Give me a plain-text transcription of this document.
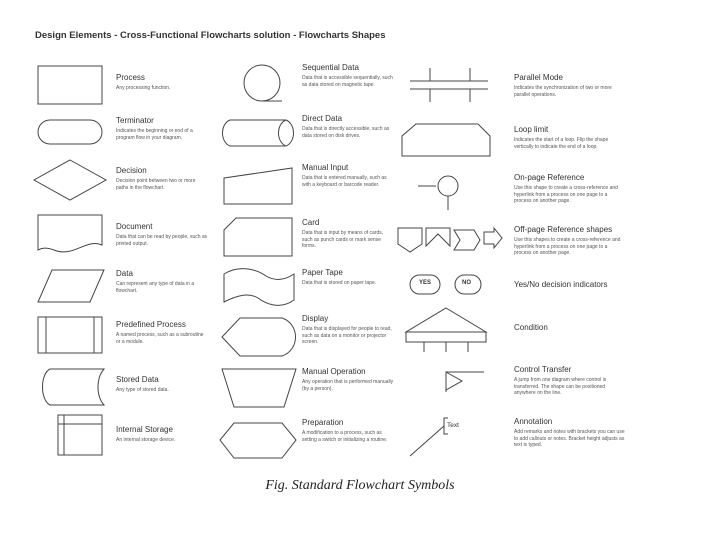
Design Elements - Cross-Functional Flowcharts solution - Flowcharts Shapes
YES	NO
Text
Process
Any processing function.
Terminator
Indicates the beginning or end of a program flow in your diagram.
Decision
Decision point between two or more paths in the flowchart.
Document
Data that can be read by people, such as printed output.
Data
Can represent any type of data in a flowchart.
Predefined Process
A named process, such as a subroutine or a module.
Stored Data
Any type of stored data.
Internal Storage
An internal storage device.
Sequential Data
Data that is accessible sequentially, such as data stored on magnetic tape.
Direct Data
Data that is directly accessible, such as data stored on disk drives.
Manual Input
Data that is entered manually, such as with a keyboard or barcode reader.
Card
Data that is input by means of cards, such as punch cards or mark sense forms.
Paper Tape
Data that is stored on paper tape.
Display
Data that is displayed for people to read, such as data on a monitor or projector screen.
Manual Operation
Any operation that is performed manually (by a person).
Preparation
A modification to a process, such as setting a switch or initializing a routine.
Parallel Mode
Indicates the synchronization of two or more parallel operations.
Loop limit
Indicates the start of a loop. Flip the shape vertically to indicate the end of a loop.
On-page Reference
Use this shape to create a cross-reference and hyperlink from a process on one page to a process on another page.
Off-page Reference shapes
Use this shapes to create a cross-reference and hyperlink from a process on one page to a process on another page.
Yes/No decision indicators
Condition
Control Transfer
A jump from one diagram where control is transferred. The shape can be positioned anywhere on the line.
Annotation
Add remarks and notes with brackets you can use to add callouts or notes. Bracket height adjusts as text is typed.
Fig. Standard Flowchart Symbols
